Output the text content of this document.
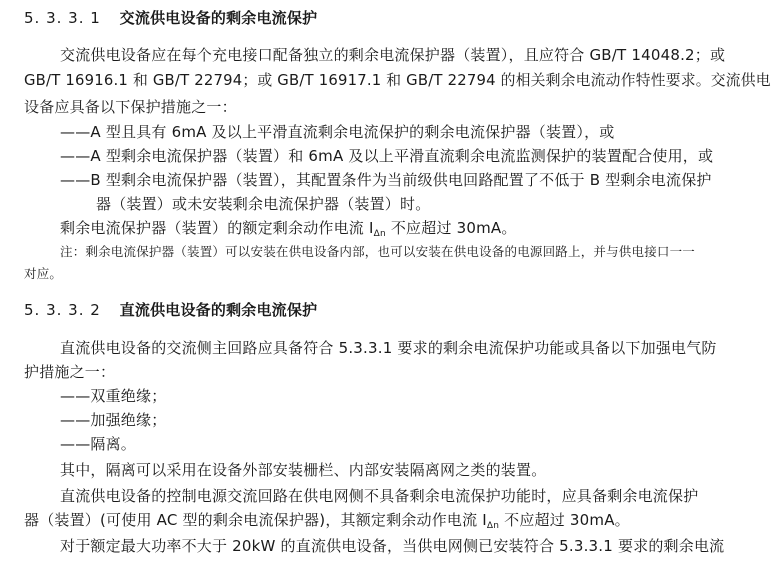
5. 3. 3. 1 交流供电设备的剩余电流保护
交流供电设备应在每个充电接口配备独立的剩余电流保护器（装置），且应符合 GB/T 14048.2；或
GB/T 16916.1 和 GB/T 22794；或 GB/T 16917.1 和 GB/T 22794 的相关剩余电流动作特性要求。交流供电
设备应具备以下保护措施之一：
——A 型且具有 6mA 及以上平滑直流剩余电流保护的剩余电流保护器（装置），或
——A 型剩余电流保护器（装置）和 6mA 及以上平滑直流剩余电流监测保护的装置配合使用，或
——B 型剩余电流保护器（装置），其配置条件为当前级供电回路配置了不低于 B 型剩余电流保护
器（装置）或未安装剩余电流保护器（装置）时。
剩余电流保护器（装置）的额定剩余动作电流 $I_{\Delta n}$ 不应超过 30mA。
注：剩余电流保护器（装置）可以安装在供电设备内部，也可以安装在供电设备的电源回路上，并与供电接口一一
对应。
5. 3. 3. 2 直流供电设备的剩余电流保护
直流供电设备的交流侧主回路应具备符合 5.3.3.1 要求的剩余电流保护功能或具备以下加强电气防
护措施之一：
——双重绝缘；
——加强绝缘；
——隔离。
其中，隔离可以采用在设备外部安装栅栏、内部安装隔离网之类的装置。
直流供电设备的控制电源交流回路在供电网侧不具备剩余电流保护功能时，应具备剩余电流保护
器（装置）(可使用 AC 型的剩余电流保护器)，其额定剩余动作电流 $I_{\Delta n}$ 不应超过 30mA。
对于额定最大功率不大于 20kW 的直流供电设备，当供电网侧已安装符合 5.3.3.1 要求的剩余电流
